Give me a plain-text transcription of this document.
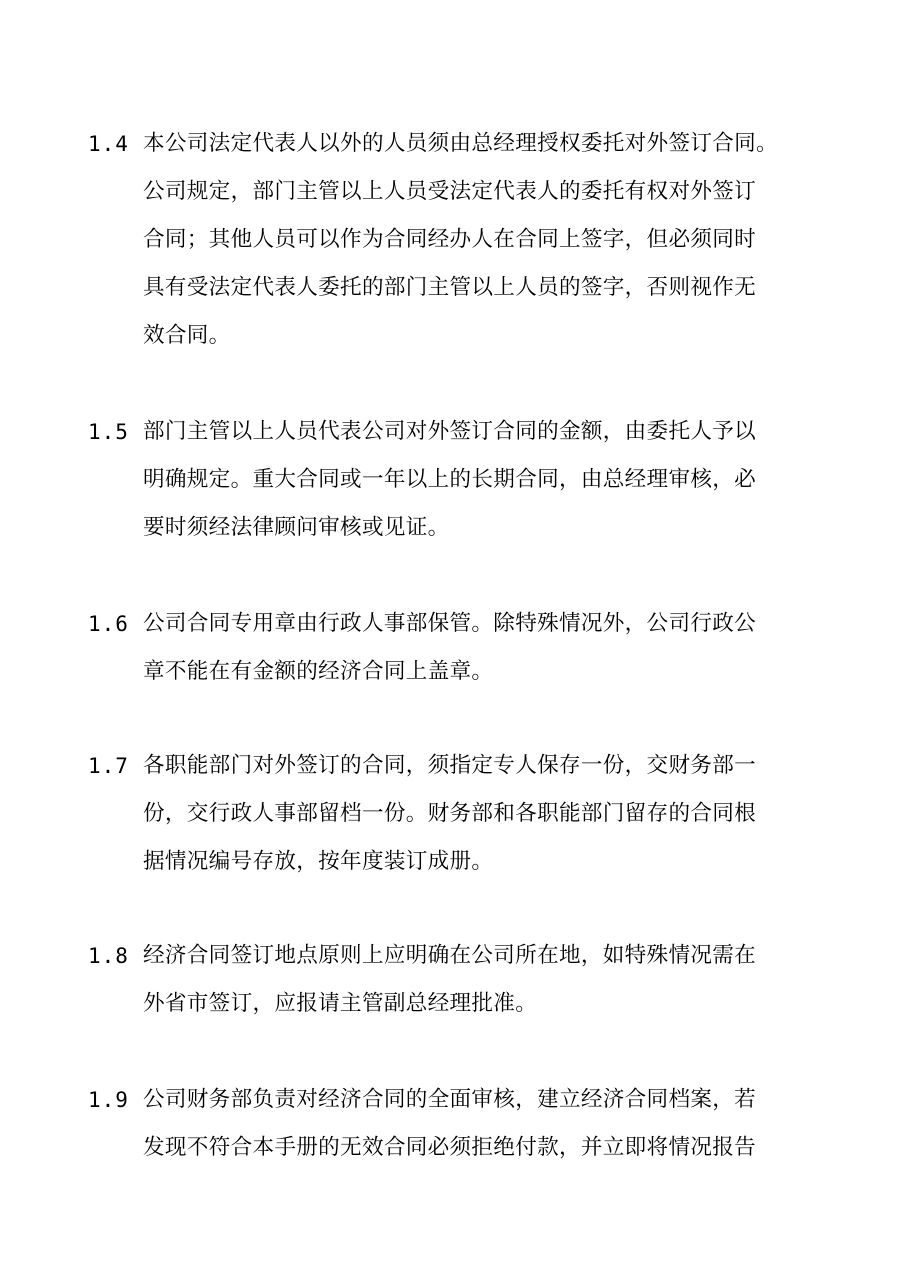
1.4 本公司法定代表人以外的人员须由总经理授权委托对外签订合同。
公司规定，部门主管以上人员受法定代表人的委托有权对外签订
合同；其他人员可以作为合同经办人在合同上签字，但必须同时
具有受法定代表人委托的部门主管以上人员的签字，否则视作无
效合同。
1.5 部门主管以上人员代表公司对外签订合同的金额，由委托人予以
明确规定。重大合同或一年以上的长期合同，由总经理审核，必
要时须经法律顾问审核或见证。
1.6 公司合同专用章由行政人事部保管。除特殊情况外，公司行政公
章不能在有金额的经济合同上盖章。
1.7 各职能部门对外签订的合同，须指定专人保存一份，交财务部一
份，交行政人事部留档一份。财务部和各职能部门留存的合同根
据情况编号存放，按年度装订成册。
1.8 经济合同签订地点原则上应明确在公司所在地，如特殊情况需在
外省市签订，应报请主管副总经理批准。
1.9 公司财务部负责对经济合同的全面审核，建立经济合同档案，若
发现不符合本手册的无效合同必须拒绝付款，并立即将情况报告
